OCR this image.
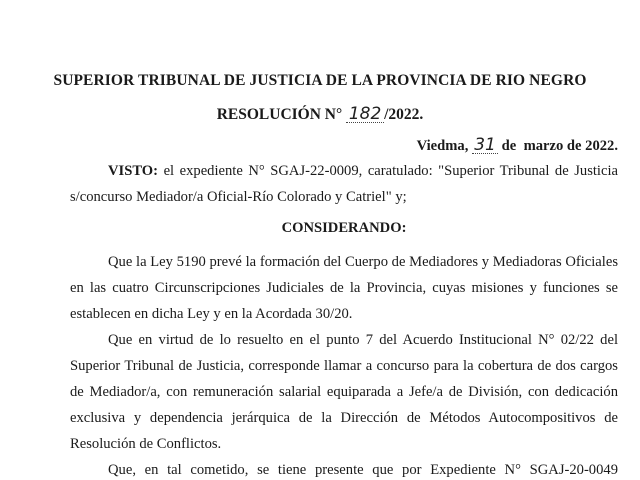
SUPERIOR TRIBUNAL DE JUSTICIA DE LA PROVINCIA DE RIO NEGRO
RESOLUCIÓN N° 182 /2022.
Viedma, 31 de marzo de 2022.
VISTO: el expediente N° SGAJ-22-0009, caratulado: "Superior Tribunal de Justicia
s/concurso Mediador/a Oficial-Río Colorado y Catriel" y;
CONSIDERANDO:
Que la Ley 5190 prevé la formación del Cuerpo de Mediadores y Mediadoras Oficiales
en las cuatro Circunscripciones Judiciales de la Provincia, cuyas misiones y funciones se
establecen en dicha Ley y en la Acordada 30/20.
Que en virtud de lo resuelto en el punto 7 del Acuerdo Institucional N° 02/22 del
Superior Tribunal de Justicia, corresponde llamar a concurso para la cobertura de dos cargos
de Mediador/a, con remuneración salarial equiparada a Jefe/a de División, con dedicación
exclusiva y dependencia jerárquica de la Dirección de Métodos Autocompositivos de
Resolución de Conflictos.
Que, en tal cometido, se tiene presente que por Expediente N° SGAJ-20-0049
